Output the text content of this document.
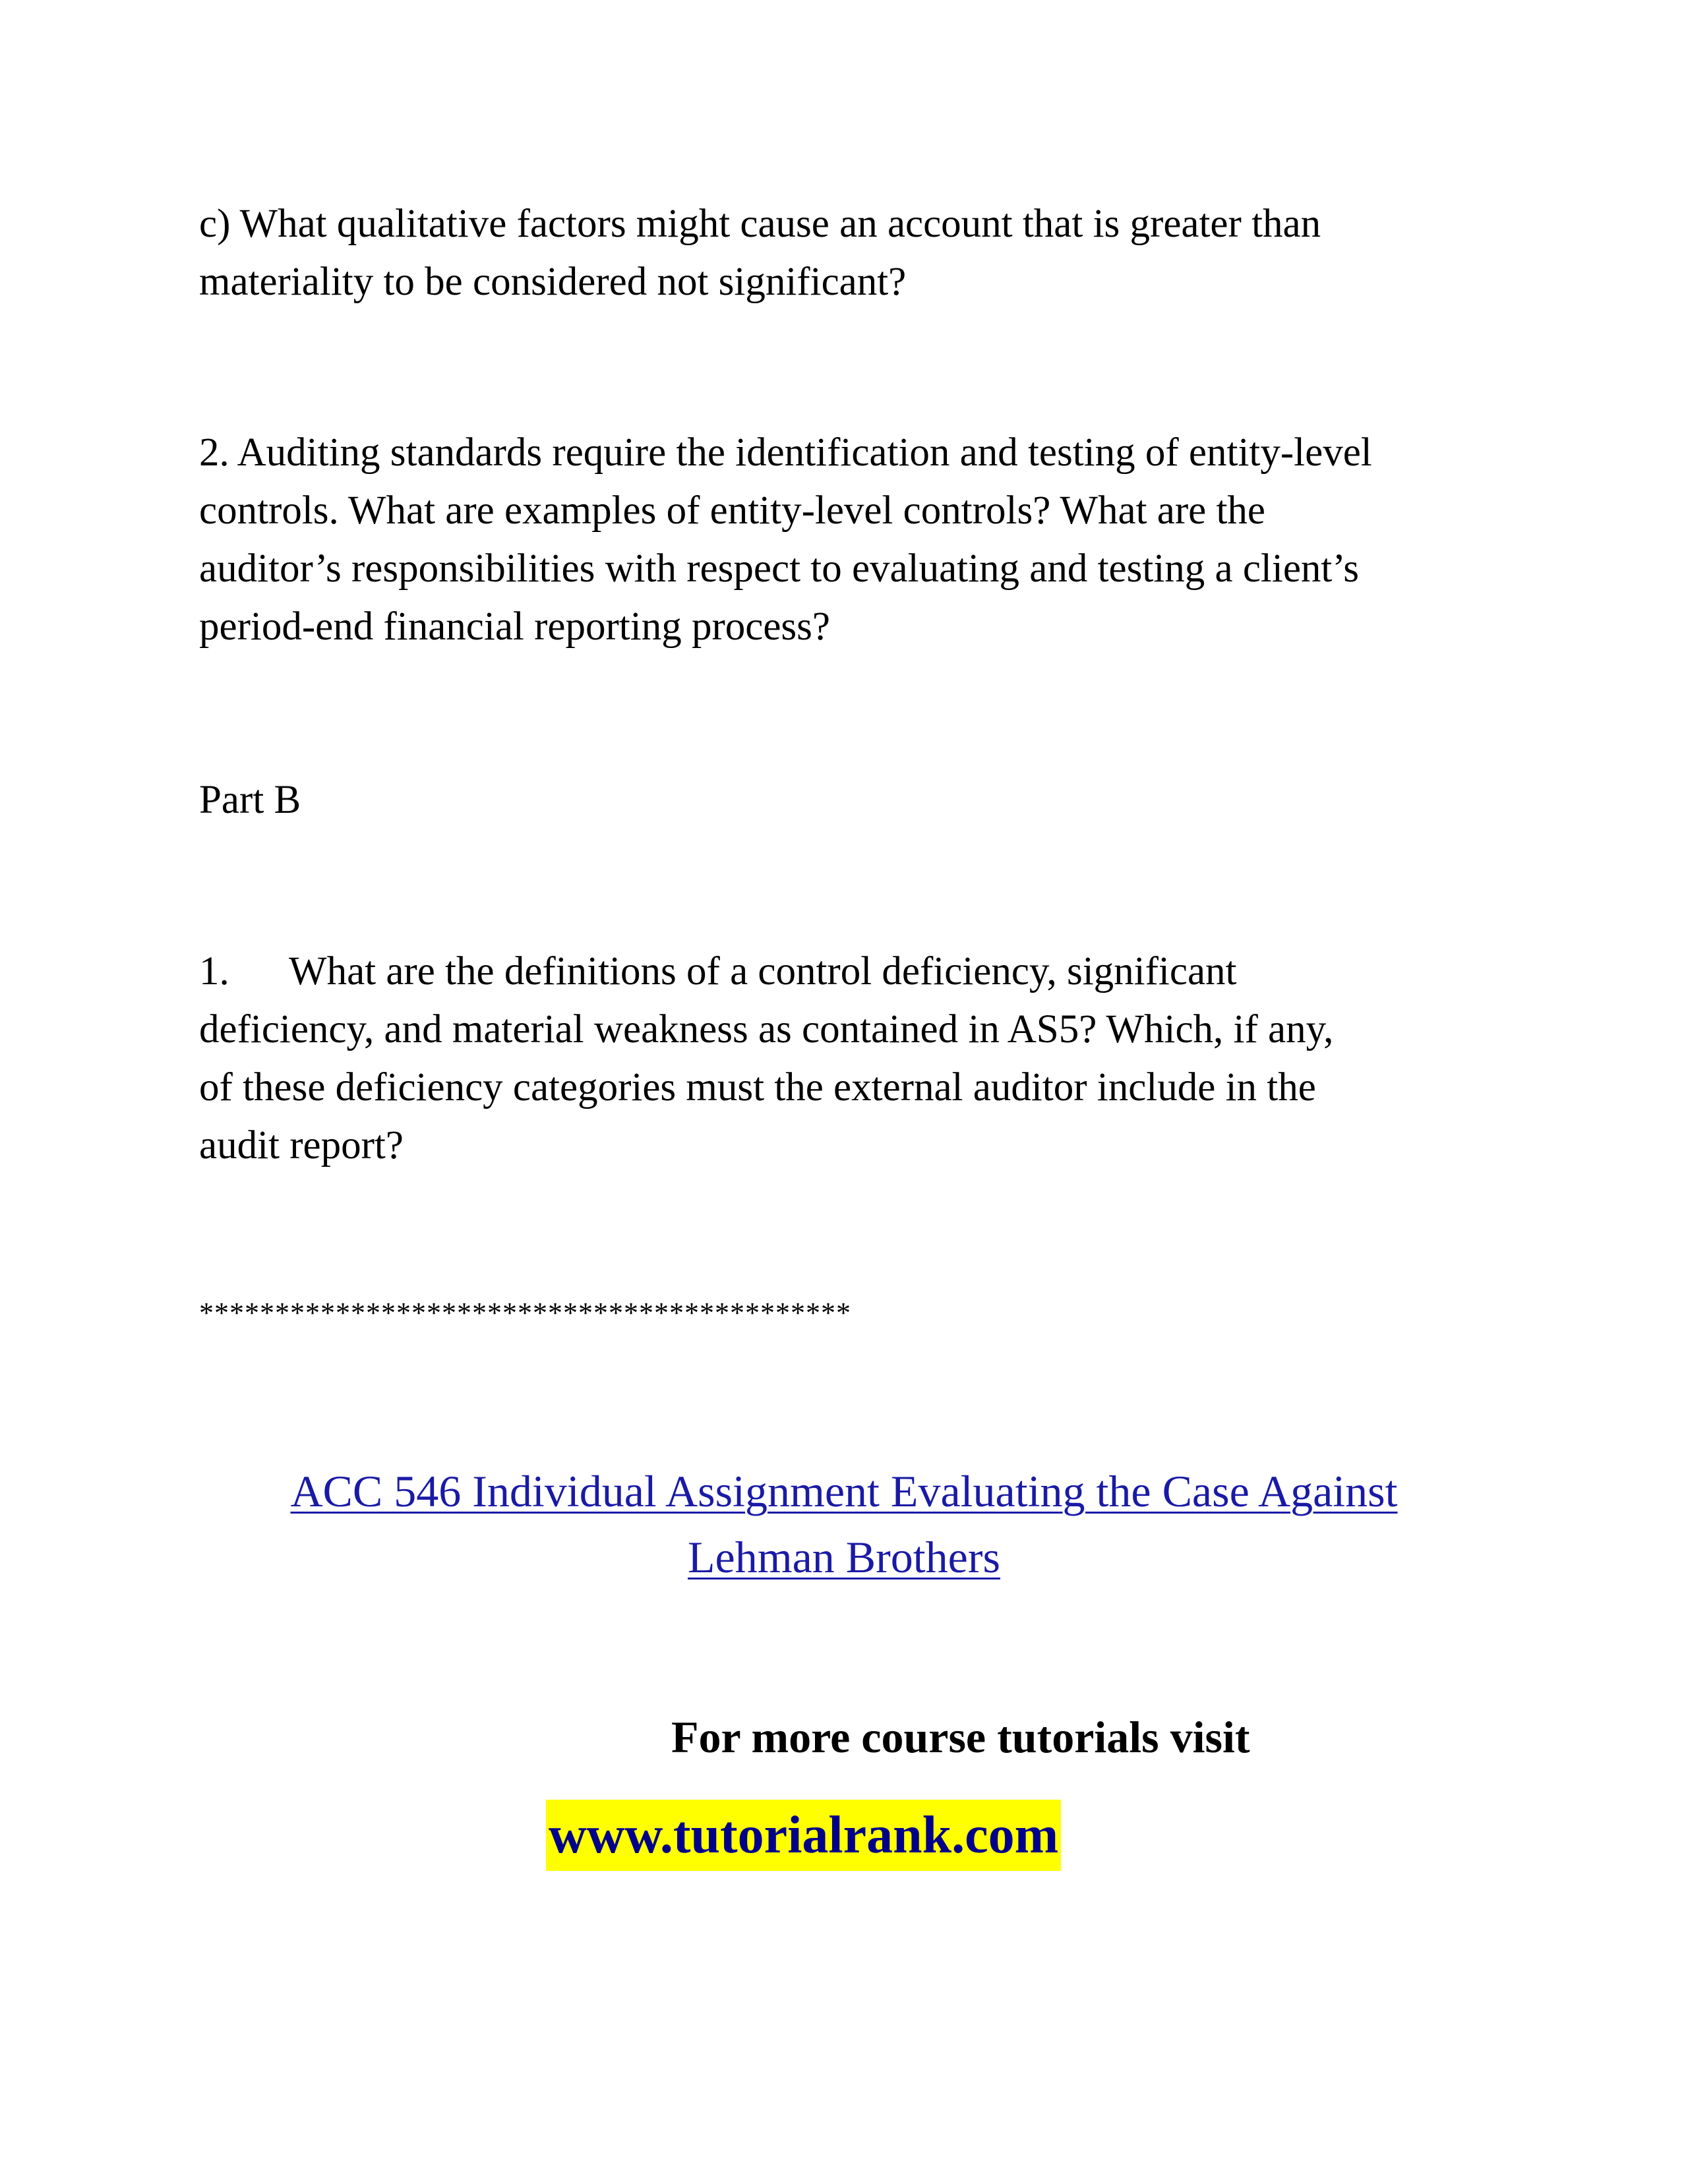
c) What qualitative factors might cause an account that is greater than
materiality to be considered not significant?

2. Auditing standards require the identification and testing of entity-level
controls. What are examples of entity-level controls? What are the
auditor’s responsibilities with respect to evaluating and testing a client’s
period-end financial reporting process?

Part B

1. What are the definitions of a control deficiency, significant
deficiency, and material weakness as contained in AS5? Which, if any,
of these deficiency categories must the external auditor include in the
audit report?

*******************************************

ACC 546 Individual Assignment Evaluating the Case Against
Lehman Brothers

For more course tutorials visit

www.tutorialrank.com
